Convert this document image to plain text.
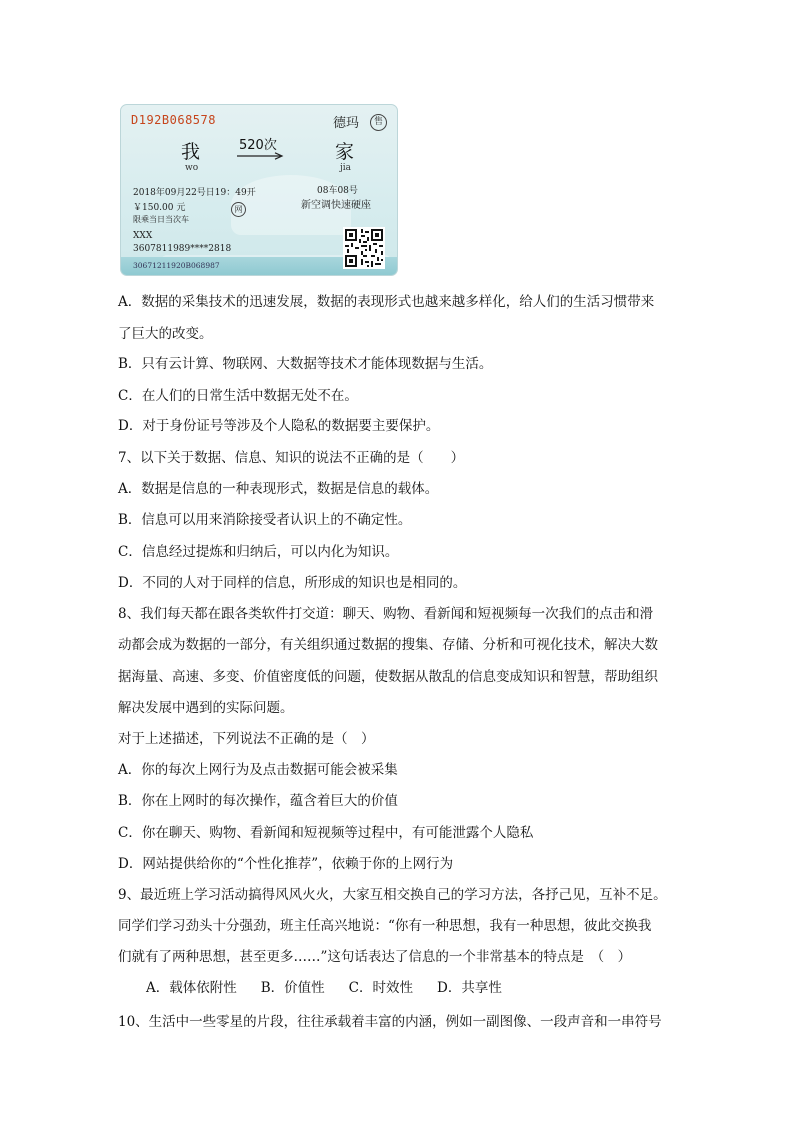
D192B068578	德玛	售
我
wo
520次	家
jia
2018年09月22号日19：49开	08车08号
新空调快速硬座
￥150.00 元	网
限乘当日当次车
XXX
3607811989****2818
30671211920B068987
A．数据的采集技术的迅速发展，数据的表现形式也越来越多样化，给人们的生活习惯带来
了巨大的改变。
B．只有云计算、物联网、大数据等技术才能体现数据与生活。
C．在人们的日常生活中数据无处不在。
D．对于身份证号等涉及个人隐私的数据要主要保护。
7、以下关于数据、信息、知识的说法不正确的是（　　）
A．数据是信息的一种表现形式，数据是信息的载体。
B．信息可以用来消除接受者认识上的不确定性。
C．信息经过提炼和归纳后，可以内化为知识。
D．不同的人对于同样的信息，所形成的知识也是相同的。
8、我们每天都在跟各类软件打交道：聊天、购物、看新闻和短视频每一次我们的点击和滑
动都会成为数据的一部分，有关组织通过数据的搜集、存储、分析和可视化技术，解决大数
据海量、高速、多变、价值密度低的问题，使数据从散乱的信息变成知识和智慧，帮助组织
解决发展中遇到的实际问题。
对于上述描述，下列说法不正确的是（　）
A．你的每次上网行为及点击数据可能会被采集
B．你在上网时的每次操作，蕴含着巨大的价值
C．你在聊天、购物、看新闻和短视频等过程中，有可能泄露个人隐私
D．网站提供给你的“个性化推荐”，依赖于你的上网行为
9、最近班上学习活动搞得风风火火，大家互相交换自己的学习方法，各抒己见，互补不足。
同学们学习劲头十分强劲，班主任高兴地说：“你有一种思想，我有一种思想，彼此交换我
们就有了两种思想，甚至更多……”这句话表达了信息的一个非常基本的特点是　（　）
A．载体依附性 B．价值性 C．时效性 D．共享性
10、生活中一些零星的片段，往往承载着丰富的内涵，例如一副图像、一段声音和一串符号
